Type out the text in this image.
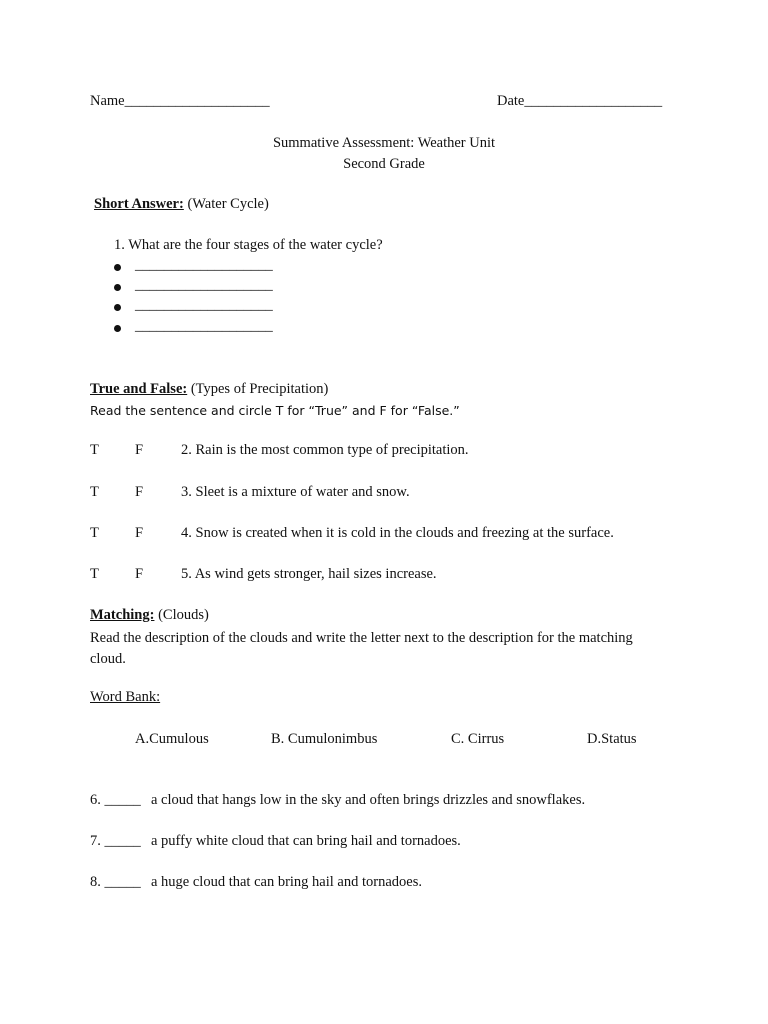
Name____________________	Date___________________
Summative Assessment: Weather Unit
Second Grade
Short Answer: (Water Cycle)
1. What are the four stages of the water cycle?
___________________
___________________
___________________
___________________
True and False: (Types of Precipitation)
Read the sentence and circle T for “True” and F for “False.”
T F	2. Rain is the most common type of precipitation.
T F	3. Sleet is a mixture of water and snow.
T F	4. Snow is created when it is cold in the clouds and freezing at the surface.
T F	5. As wind gets stronger, hail sizes increase.
Matching: (Clouds)
Read the description of the clouds and write the letter next to the description for the matching cloud.
Word Bank:
A.Cumulous	B. Cumulonimbus	C. Cirrus	D.Status
6. _____ a cloud that hangs low in the sky and often brings drizzles and snowflakes.
7. _____ a puffy white cloud that can bring hail and tornadoes.
8. _____ a huge cloud that can bring hail and tornadoes.
